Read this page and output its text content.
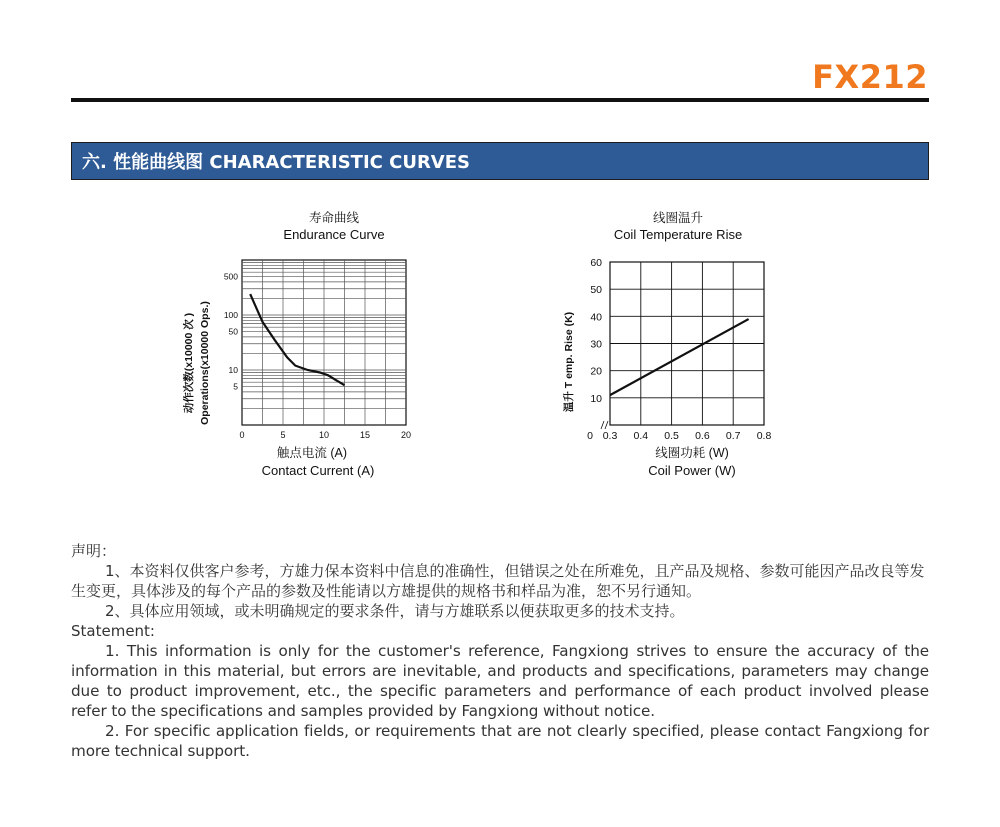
FX212
六. 性能曲线图 CHARACTERISTIC CURVES
寿命曲线
Endurance Curve
0	5	10	15	20
500
100
50
10
5
触点电流 (A)
Contact Current (A)
动作次数(x10000 次 ) Operations(x10000 Ops.)
线圈温升
Coil Temperature Rise
0 0.3 0.4 0.5 0.6 0.7 0.8
60
50
40
30
20
10
线圈功耗 (W)
Coil Power (W)
温升 T emp. Rise (K)

声明：

1、本资料仅供客户参考，方雄力保本资料中信息的准确性，但错误之处在所难免，且产品及规格、参数可能因产品改良等发生变更，具体涉及的每个产品的参数及性能请以方雄提供的规格书和样品为准，恕不另行通知。

2、具体应用领域，或未明确规定的要求条件，请与方雄联系以便获取更多的技术支持。

Statement:

1. This information is only for the customer's reference, Fangxiong strives to ensure the accuracy of the information in this material, but errors are inevitable, and products and specifications, parameters may change due to product improvement, etc., the specific parameters and performance of each product involved please refer to the specifications and samples provided by Fangxiong without notice.

2. For specific application fields, or requirements that are not clearly specified, please contact Fangxiong for more technical support.
